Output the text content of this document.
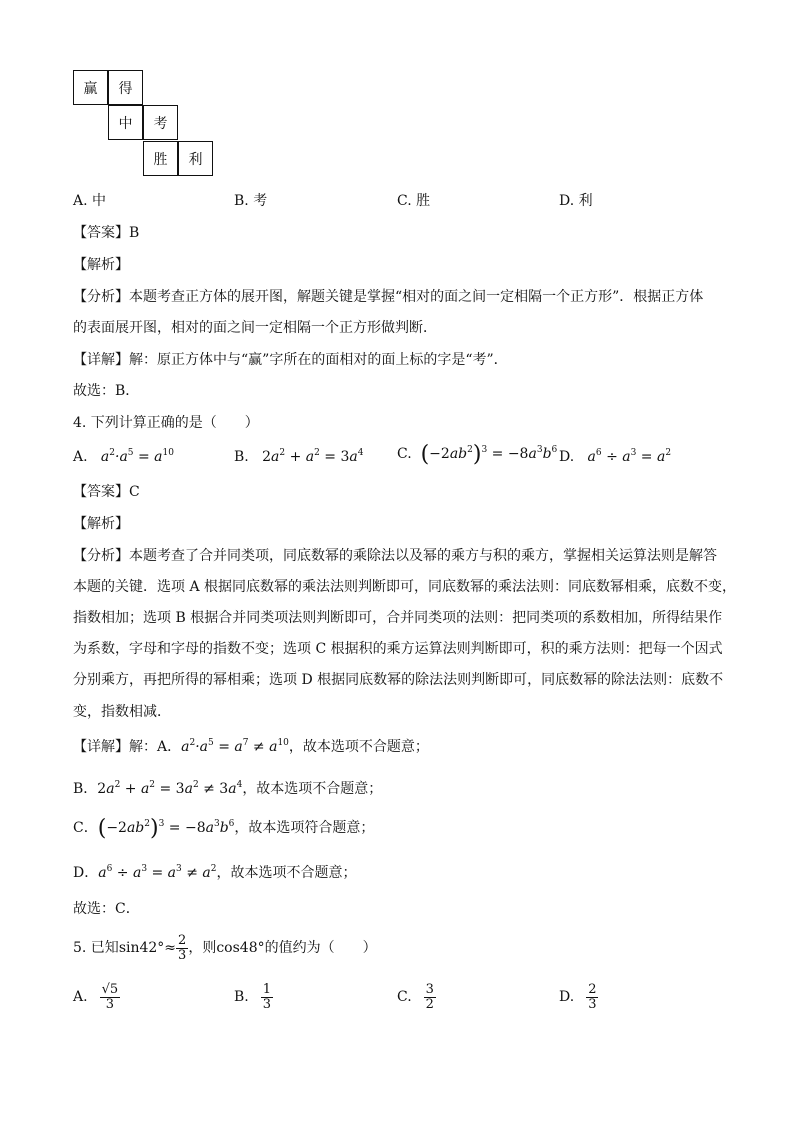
赢	得
中	考
胜	利
A. 中	B. 考	C. 胜	D. 利
【答案】B
【解析】
【分析】本题考查正方体的展开图，解题关键是掌握“相对的面之间一定相隔一个正方形”．根据正方体
的表面展开图，相对的面之间一定相隔一个正方形做判断．
【详解】解：原正方体中与“赢”字所在的面相对的面上标的字是“考”．
故选：B．
4. 下列计算正确的是（　　）
A.   $a^2\cdot a^5 = a^{10}$	B. $2a^2 + a^2 = 3a^4$ C. $(-2ab^2)^3 = -8a^3b^6$ D.   $a^6 \div a^3 = a^2$
【答案】C
【解析】
【分析】本题考查了合并同类项，同底数幂的乘除法以及幂的乘方与积的乘方，掌握相关运算法则是解答
本题的关键．选项 A 根据同底数幂的乘法法则判断即可，同底数幂的乘法法则：同底数幂相乘，底数不变，
指数相加；选项 B 根据合并同类项法则判断即可，合并同类项的法则：把同类项的系数相加，所得结果作
为系数，字母和字母的指数不变；选项 C 根据积的乘方运算法则判断即可，积的乘方法则：把每一个因式
分别乘方，再把所得的幂相乘；选项 D 根据同底数幂的除法法则判断即可，同底数幂的除法法则：底数不
变，指数相减．
【详解】解：A．$a^2\cdot a^5 = a^7 \ne a^{10}$，故本选项不合题意；
B．$2a^2 + a^2 = 3a^2 \ne 3a^4$，故本选项不合题意；
C．$(-2ab^2)^3 = -8a^3b^6$，故本选项符合题意；
D．$a^6 \div a^3 = a^3 \ne a^2$，故本选项不合题意；
故选：C．
5. 已知 $\sin 42^\circ\approx \frac{2}{3}$ ，则 cos48° 的值约为（　　）
A. $\frac{√5}{3}$	B. $\frac{1}{3}$	C. $\frac{3}{2}$	D. $\frac{2}{3}$
